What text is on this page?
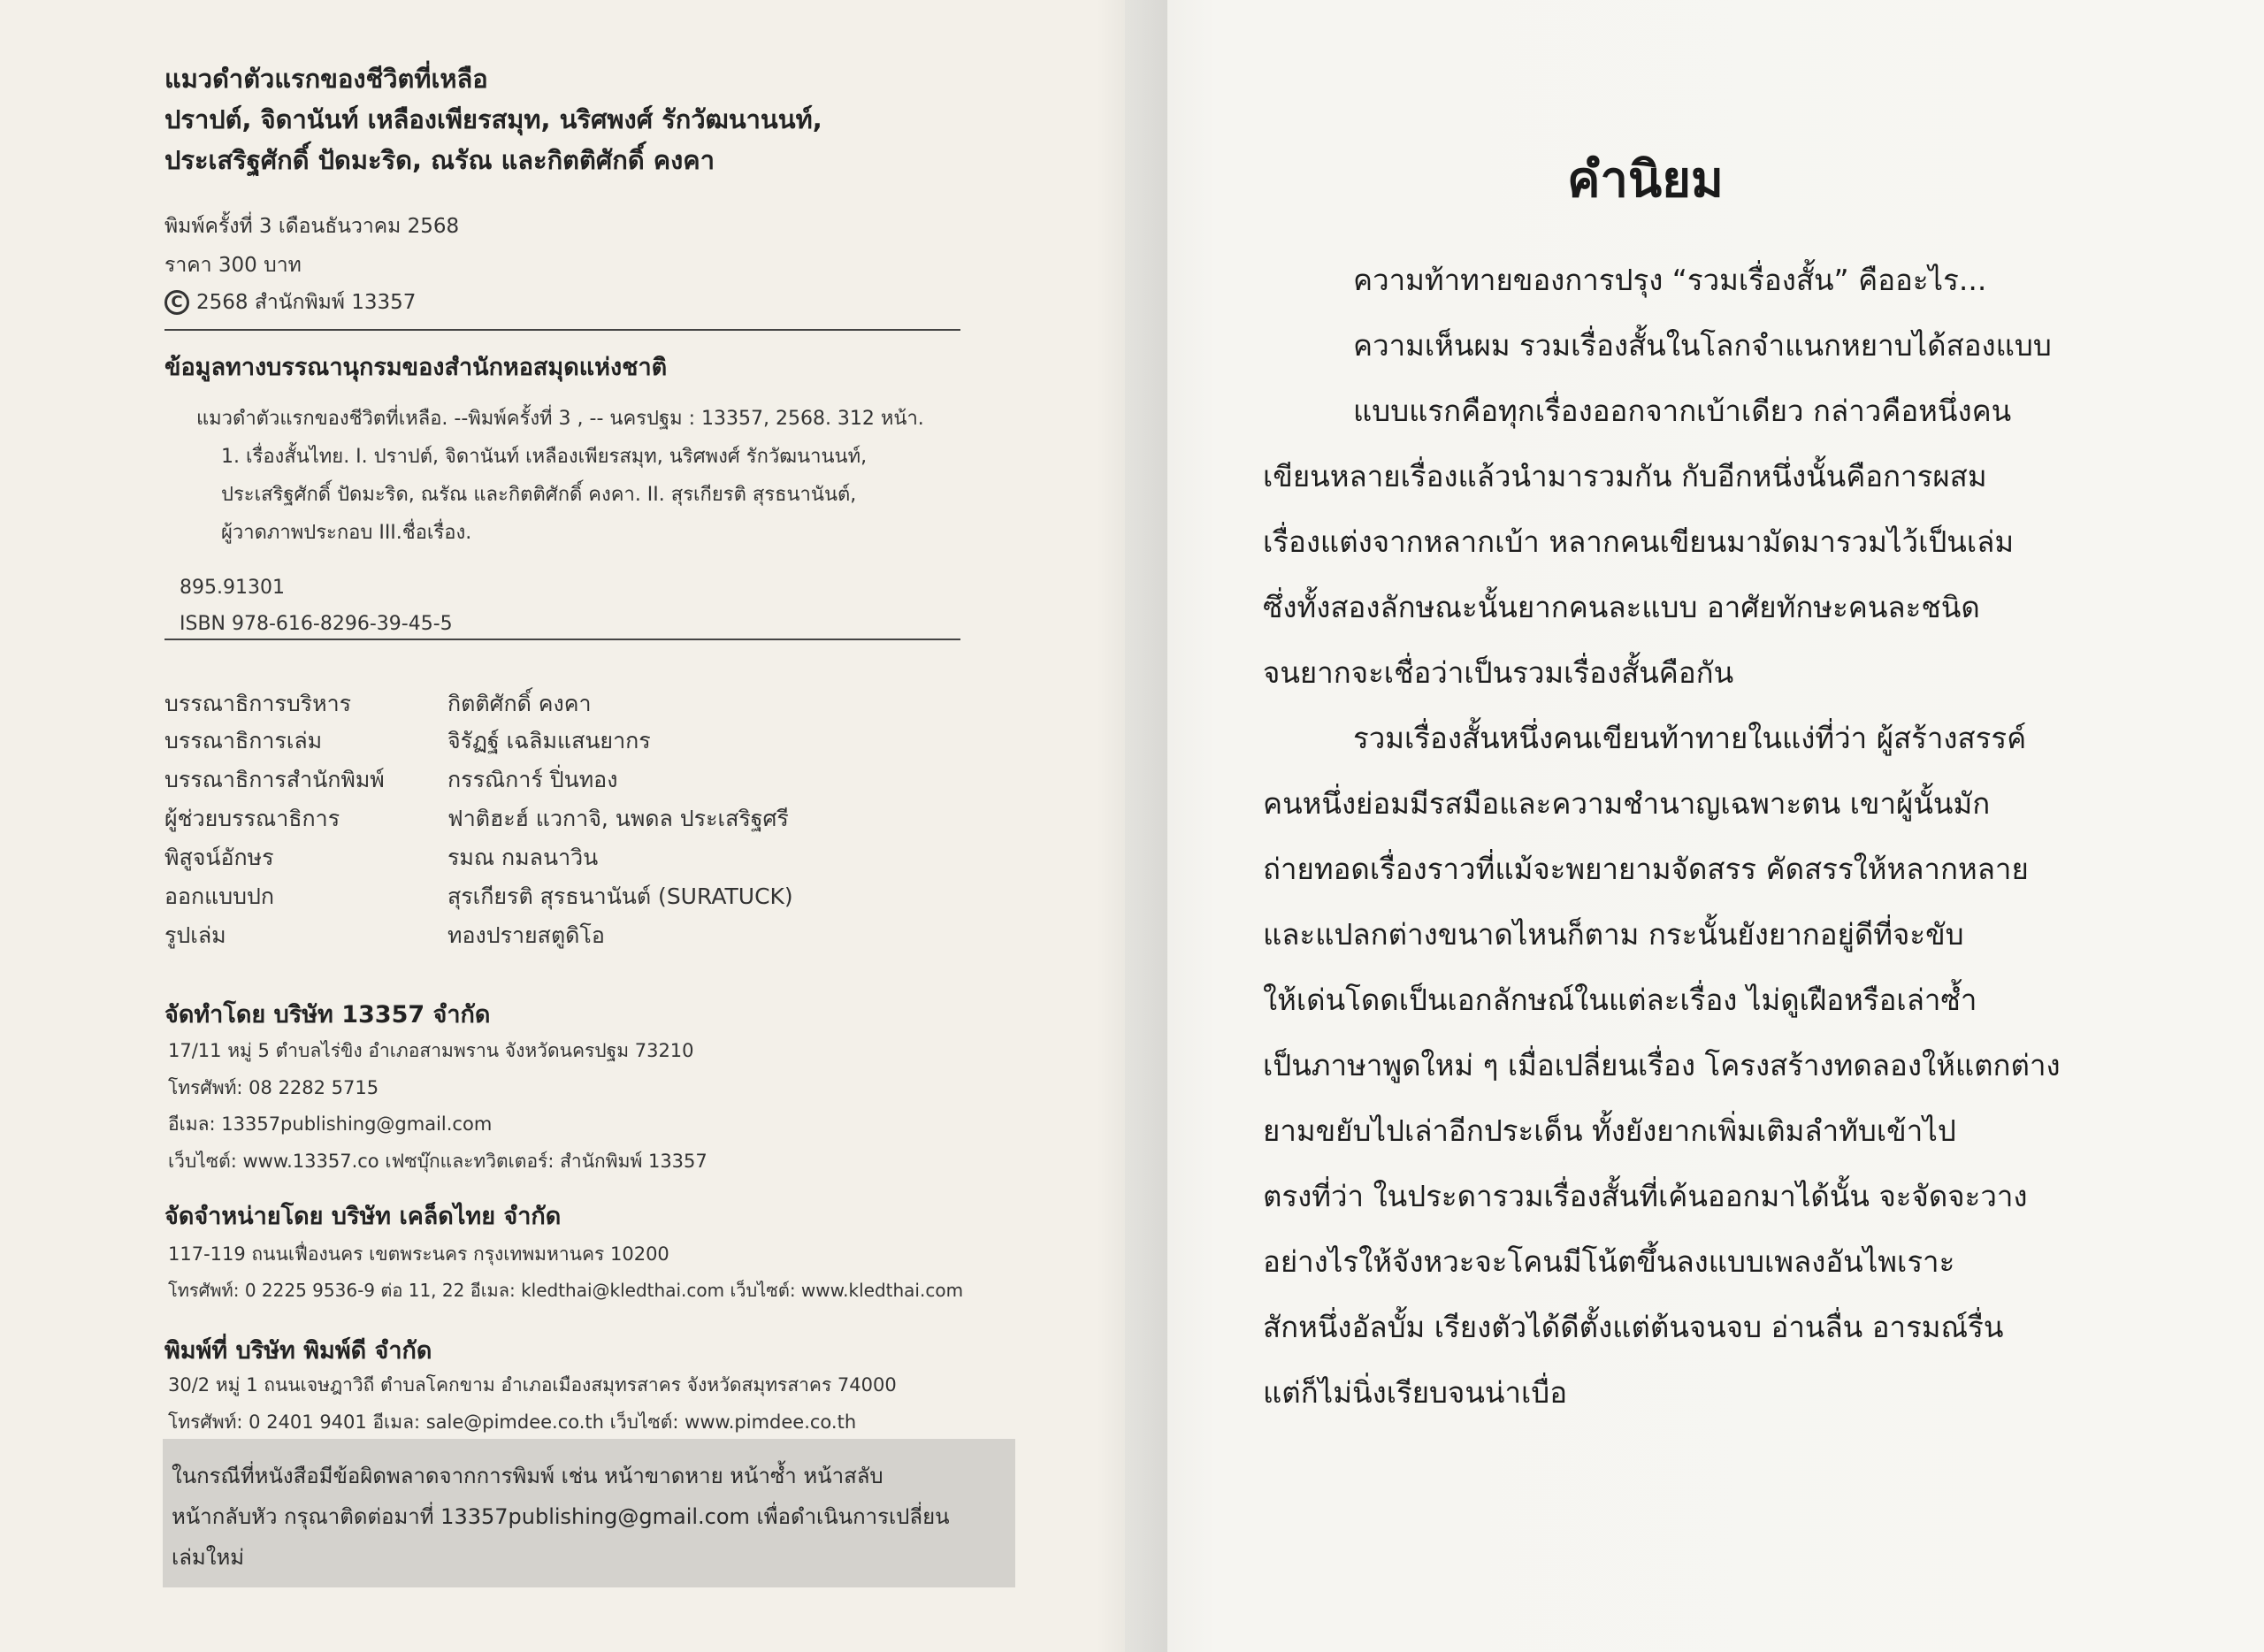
แมวดำตัวแรกของชีวิตที่เหลือ
ปราปต์, จิดานันท์ เหลืองเพียรสมุท, นริศพงศ์ รักวัฒนานนท์,
ประเสริฐศักดิ์ ปัดมะริด, ณรัณ และกิตติศักดิ์ คงคา
พิมพ์ครั้งที่ 3 เดือนธันวาคม 2568
ราคา 300 บาท
C 2568 สำนักพิมพ์ 13357
ข้อมูลทางบรรณานุกรมของสำนักหอสมุดแห่งชาติ
แมวดำตัวแรกของชีวิตที่เหลือ. --พิมพ์ครั้งที่ 3 , -- นครปฐม : 13357, 2568. 312 หน้า.
1. เรื่องสั้นไทย. I. ปราปต์, จิดานันท์ เหลืองเพียรสมุท, นริศพงศ์ รักวัฒนานนท์,
ประเสริฐศักดิ์ ปัดมะริด, ณรัณ และกิตติศักดิ์ คงคา. II. สุรเกียรติ สุรธนานันต์,
ผู้วาดภาพประกอบ III.ชื่อเรื่อง.
895.91301
ISBN 978-616-8296-39-45-5
บรรณาธิการบริหาร	กิตติศักดิ์ คงคา
บรรณาธิการเล่ม	จิรัฏฐ์ เฉลิมแสนยากร
บรรณาธิการสำนักพิมพ์	กรรณิการ์ ปิ่นทอง
ผู้ช่วยบรรณาธิการ	ฟาติฮะฮ์ แวกาจิ, นพดล ประเสริฐศรี
พิสูจน์อักษร	รมณ กมลนาวิน
ออกแบบปก	สุรเกียรติ สุรธนานันต์ (SURATUCK)
รูปเล่ม	ทองปรายสตูดิโอ
จัดทำโดย บริษัท 13357 จำกัด
17/11 หมู่ 5 ตำบลไร่ขิง อำเภอสามพราน จังหวัดนครปฐม 73210
โทรศัพท์: 08 2282 5715
อีเมล: 13357publishing@gmail.com
เว็บไซต์: www.13357.co เฟซบุ๊กและทวิตเตอร์: สำนักพิมพ์ 13357
จัดจำหน่ายโดย บริษัท เคล็ดไทย จำกัด
117-119 ถนนเฟื่องนคร เขตพระนคร กรุงเทพมหานคร 10200
โทรศัพท์: 0 2225 9536-9 ต่อ 11, 22 อีเมล: kledthai@kledthai.com เว็บไซต์: www.kledthai.com
พิมพ์ที่ บริษัท พิมพ์ดี จำกัด
30/2 หมู่ 1 ถนนเจษฎาวิถี ตำบลโคกขาม อำเภอเมืองสมุทรสาคร จังหวัดสมุทรสาคร 74000
โทรศัพท์: 0 2401 9401 อีเมล: sale@pimdee.co.th เว็บไซต์: www.pimdee.co.th
ในกรณีที่หนังสือมีข้อผิดพลาดจากการพิมพ์ เช่น หน้าขาดหาย หน้าซ้ำ หน้าสลับ
หน้ากลับหัว กรุณาติดต่อมาที่ 13357publishing@gmail.com เพื่อดำเนินการเปลี่ยน
เล่มใหม่
คำนิยม
ความท้าทายของการปรุง “รวมเรื่องสั้น” คืออะไร...
ความเห็นผม รวมเรื่องสั้นในโลกจำแนกหยาบได้สองแบบ
แบบแรกคือทุกเรื่องออกจากเบ้าเดียว กล่าวคือหนึ่งคน
เขียนหลายเรื่องแล้วนำมารวมกัน กับอีกหนึ่งนั้นคือการผสม
เรื่องแต่งจากหลากเบ้า หลากคนเขียนมามัดมารวมไว้เป็นเล่ม
ซึ่งทั้งสองลักษณะนั้นยากคนละแบบ อาศัยทักษะคนละชนิด
จนยากจะเชื่อว่าเป็นรวมเรื่องสั้นคือกัน
รวมเรื่องสั้นหนึ่งคนเขียนท้าทายในแง่ที่ว่า ผู้สร้างสรรค์
คนหนึ่งย่อมมีรสมือและความชำนาญเฉพาะตน เขาผู้นั้นมัก
ถ่ายทอดเรื่องราวที่แม้จะพยายามจัดสรร คัดสรรให้หลากหลาย
และแปลกต่างขนาดไหนก็ตาม กระนั้นยังยากอยู่ดีที่จะขับ
ให้เด่นโดดเป็นเอกลักษณ์ในแต่ละเรื่อง ไม่ดูเฝือหรือเล่าซ้ำ
เป็นภาษาพูดใหม่ ๆ เมื่อเปลี่ยนเรื่อง โครงสร้างทดลองให้แตกต่าง
ยามขยับไปเล่าอีกประเด็น ทั้งยังยากเพิ่มเติมลำทับเข้าไป
ตรงที่ว่า ในประดารวมเรื่องสั้นที่เค้นออกมาได้นั้น จะจัดจะวาง
อย่างไรให้จังหวะจะโคนมีโน้ตขึ้นลงแบบเพลงอันไพเราะ
สักหนึ่งอัลบั้ม เรียงตัวได้ดีตั้งแต่ต้นจนจบ อ่านลื่น อารมณ์รื่น
แต่ก็ไม่นิ่งเรียบจนน่าเบื่อ
